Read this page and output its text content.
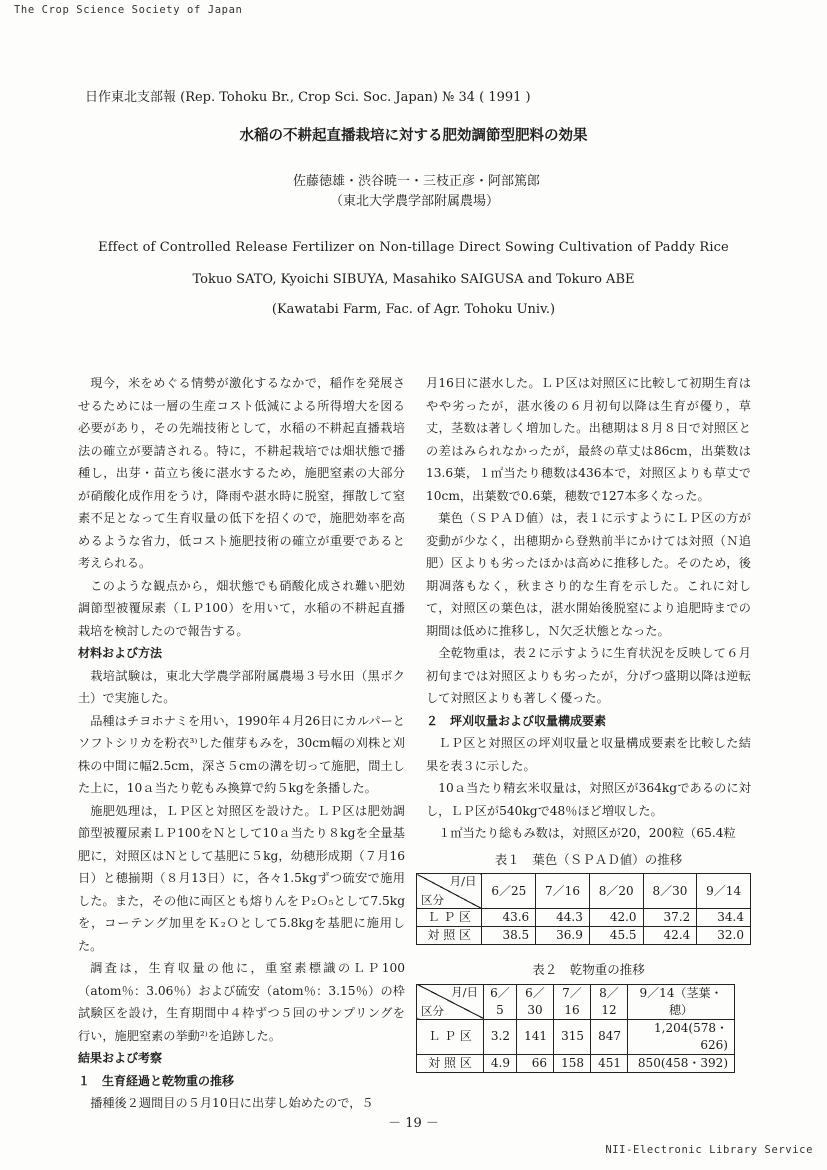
The Crop Science Society of Japan
NII-Electronic Library Service
日作東北支部報 (Rep. Tohoku Br., Crop Sci. Soc. Japan) № 34 ( 1991 )
水稲の不耕起直播栽培に対する肥効調節型肥料の効果
佐藤徳雄・渋谷暁一・三枝正彦・阿部篤郎
（東北大学農学部附属農場）
Effect of Controlled Release Fertilizer on Non-tillage Direct Sowing Cultivation of Paddy Rice
Tokuo SATO, Kyoichi SIBUYA, Masahiko SAIGUSA and Tokuro ABE
(Kawatabi Farm, Fac. of Agr. Tohoku Univ.)

現今，米をめぐる情勢が激化するなかで，稲作を発展させるためには一層の生産コスト低減による所得増大を図る必要があり，その先端技術として，水稲の不耕起直播栽培法の確立が要請される。特に，不耕起栽培では畑状態で播種し，出芽・苗立ち後に湛水するため，施肥窒素の大部分が硝酸化成作用をうけ，降雨や湛水時に脱窒，揮散して窒素不足となって生育収量の低下を招くので，施肥効率を高めるような省力，低コスト施肥技術の確立が重要であると考えられる。

このような観点から，畑状態でも硝酸化成され難い肥効調節型被覆尿素（ＬＰ100）を用いて，水稲の不耕起直播栽培を検討したので報告する。

材料および方法

栽培試験は，東北大学農学部附属農場３号水田（黒ボク土）で実施した。

品種はチヨホナミを用い，1990年４月26日にカルパーとソフトシリカを粉衣³⁾した催芽もみを，30cm幅の刈株と刈株の中間に幅2.5cm，深さ５cmの溝を切って施肥，間土した上に，10ａ当たり乾もみ換算で約５kgを条播した。

施肥処理は，ＬＰ区と対照区を設けた。ＬＰ区は肥効調節型被覆尿素ＬＰ100をＮとして10ａ当たり８kgを全量基肥に，対照区はＮとして基肥に５kg，幼穂形成期（７月16日）と穂揃期（８月13日）に，各々1.5kgずつ硫安で施用した。また，その他に両区とも熔りんをＰ₂Ｏ₅として7.5kgを，コーテング加里をＫ₂Ｏとして5.8kgを基肥に施用した。

調査は，生育収量の他に，重窒素標識のＬＰ100（atom％：3.06％）および硫安（atom％：3.15％）の枠試験区を設け，生育期間中４枠ずつ５回のサンプリングを行い，施肥窒素の挙動²⁾を追跡した。

結果および考察

１　生育経過と乾物重の推移

播種後２週間目の５月10日に出芽し始めたので，５

月16日に湛水した。ＬＰ区は対照区に比較して初期生育はやや劣ったが，湛水後の６月初旬以降は生育が優り，草丈，茎数は著しく増加した。出穂期は８月８日で対照区との差はみられなかったが，最終の草丈は86cm，出葉数は13.6葉，１㎡当たり穂数は436本で，対照区よりも草丈で10cm，出葉数で0.6葉，穂数で127本多くなった。

葉色（ＳＰＡＤ値）は，表１に示すようにＬＰ区の方が変動が少なく，出穂期から登熟前半にかけては対照（Ｎ追肥）区よりも劣ったほかは高めに推移した。そのため，後期凋落もなく，秋まさり的な生育を示した。これに対して，対照区の葉色は，湛水開始後脱窒により追肥時までの期間は低めに推移し，Ｎ欠乏状態となった。

全乾物重は，表２に示すように生育状況を反映して６月初旬までは対照区よりも劣ったが，分げつ盛期以降は逆転して対照区よりも著しく優った。

２　坪刈収量および収量構成要素

ＬＰ区と対照区の坪刈収量と収量構成要素を比較した結果を表３に示した。

10ａ当たり精玄米収量は，対照区が364kgであるのに対し，ＬＰ区が540kgで48％ほど増収した。

１㎡当たり総もみ数は，対照区が20，200粒（65.4粒

表１　葉色（ＳＰＡＤ値）の推移
月/日
区分	6／25	7／16	8／20	8／30	9／14
Ｌ Ｐ 区	43.6	44.3	42.0	37.2	34.4
対 照 区	38.5	36.9	45.5	42.4	32.0
表２　乾物重の推移
月/日
区分	6／5	6／30	7／16	8／12	9／14（茎葉・穂）
Ｌ Ｐ 区	3.2	141	315	847	1,204(578・626)
対 照 区	4.9	66	158	451	850(458・392)
－ 19 －
